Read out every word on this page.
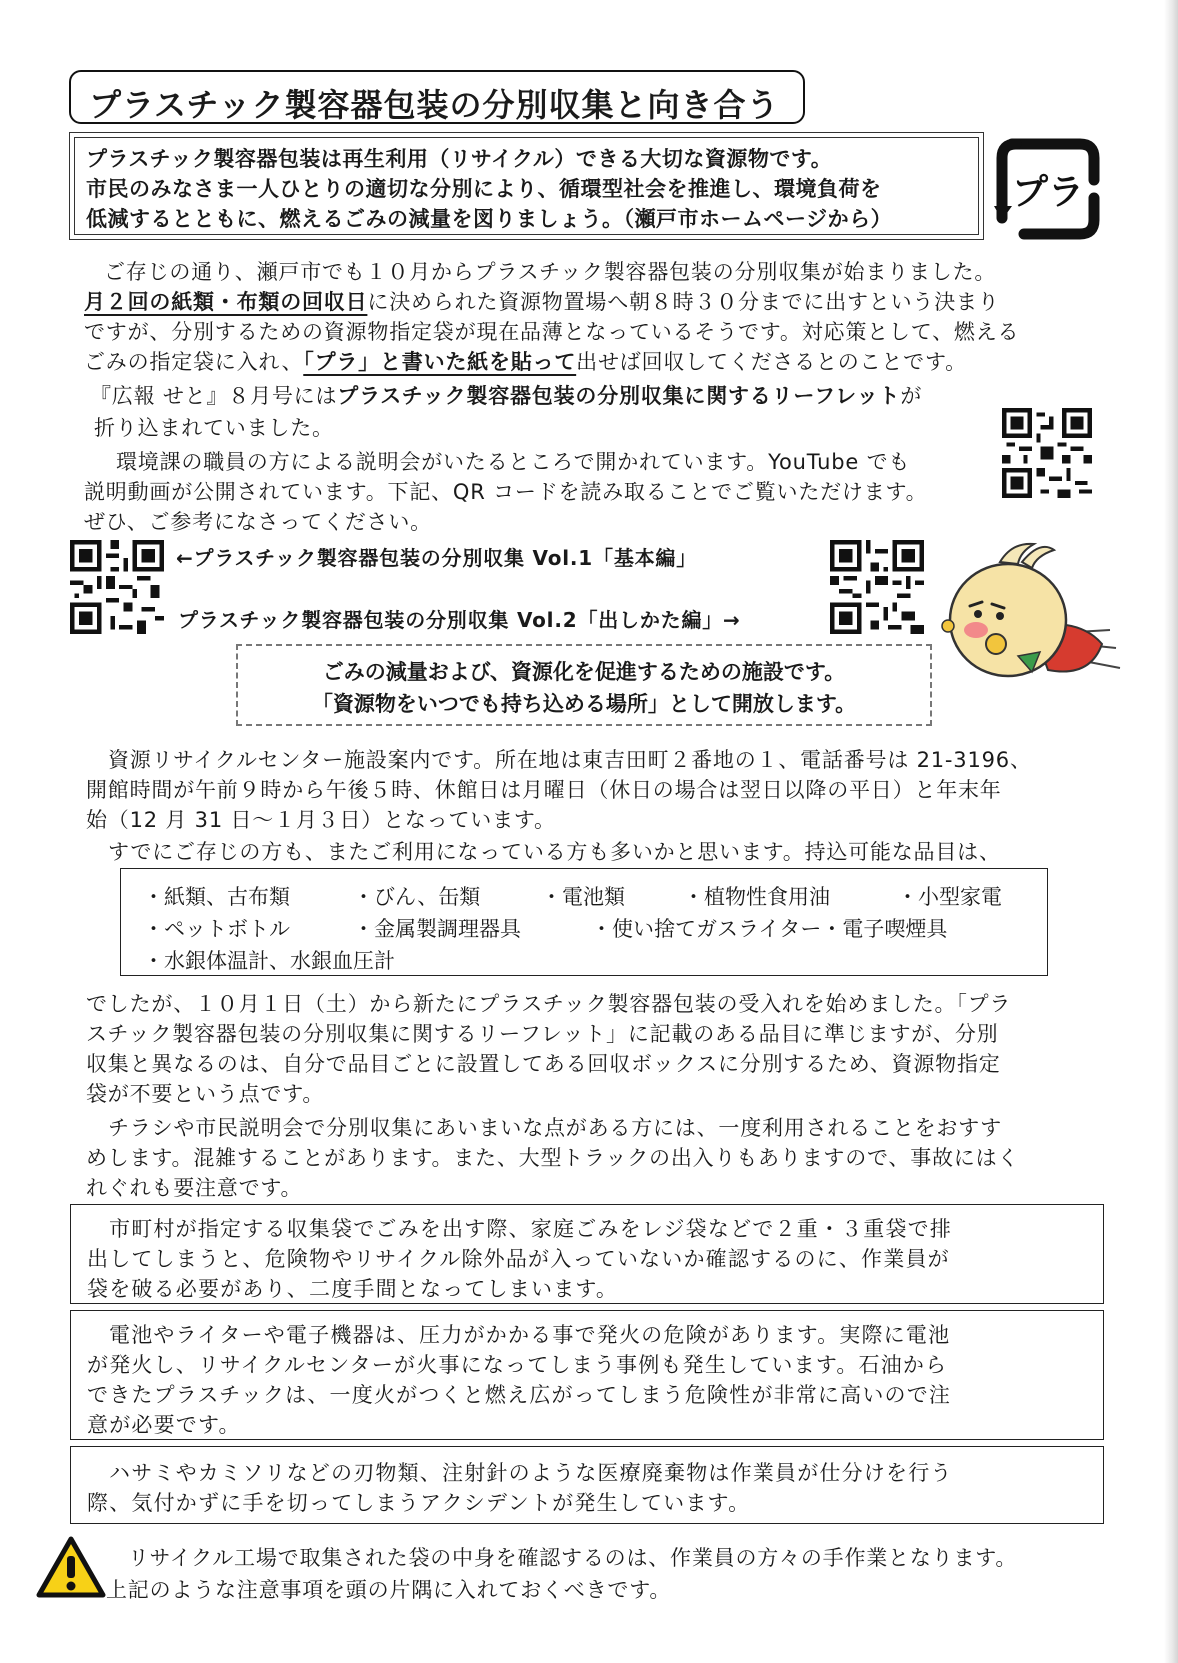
プラスチック製容器包装の分別収集と向き合う
プラスチック製容器包装は再生利用（リサイクル）できる大切な資源物です。
市民のみなさま一人ひとりの適切な分別により、循環型社会を推進し、環境負荷を
低減するとともに、燃えるごみの減量を図りましょう。（瀬戸市ホームページから）
プラ
ご存じの通り、瀬戸市でも１０月からプラスチック製容器包装の分別収集が始まりました。
月２回の紙類・布類の回収日に決められた資源物置場へ朝８時３０分までに出すという決まり
ですが、分別するための資源物指定袋が現在品薄となっているそうです。対応策として、燃える
ごみの指定袋に入れ、「プラ」と書いた紙を貼って出せば回収してくださるとのことです。
『広報 せと』８月号にはプラスチック製容器包装の分別収集に関するリーフレットが
折り込まれていました。
環境課の職員の方による説明会がいたるところで開かれています。YouTube でも
説明動画が公開されています。下記、QR コードを読み取ることでご覧いただけます。
ぜひ、ご参考になさってください。
←プラスチック製容器包装の分別収集 Vol.1「基本編」
プラスチック製容器包装の分別収集 Vol.2「出しかた編」→
ごみの減量および、資源化を促進するための施設です。
「資源物をいつでも持ち込める場所」として開放します。
資源リサイクルセンター施設案内です。所在地は東吉田町２番地の１、電話番号は 21-3196、
開館時間が午前９時から午後５時、休館日は月曜日（休日の場合は翌日以降の平日）と年末年
始（12 月 31 日～１月３日）となっています。
すでにご存じの方も、またご利用になっている方も多いかと思います。持込可能な品目は、
・紙類、古布類	・びん、缶類	・電池類	・植物性食用油	・小型家電
・ペットボトル	・金属製調理器具	・使い捨てガスライター・電子喫煙具
・水銀体温計、水銀血圧計
でしたが、１０月１日（土）から新たにプラスチック製容器包装の受入れを始めました。「プラ
スチック製容器包装の分別収集に関するリーフレット」に記載のある品目に準じますが、分別
収集と異なるのは、自分で品目ごとに設置してある回収ボックスに分別するため、資源物指定
袋が不要という点です。
チラシや市民説明会で分別収集にあいまいな点がある方には、一度利用されることをおすす
めします。混雑することがあります。また、大型トラックの出入りもありますので、事故にはく
れぐれも要注意です。
市町村が指定する収集袋でごみを出す際、家庭ごみをレジ袋などで２重・３重袋で排
出してしまうと、危険物やリサイクル除外品が入っていないか確認するのに、作業員が
袋を破る必要があり、二度手間となってしまいます。
電池やライターや電子機器は、圧力がかかる事で発火の危険があります。実際に電池
が発火し、リサイクルセンターが火事になってしまう事例も発生しています。石油から
できたプラスチックは、一度火がつくと燃え広がってしまう危険性が非常に高いので注
意が必要です。
ハサミやカミソリなどの刃物類、注射針のような医療廃棄物は作業員が仕分けを行う
際、気付かずに手を切ってしまうアクシデントが発生しています。
リサイクル工場で取集された袋の中身を確認するのは、作業員の方々の手作業となります。
上記のような注意事項を頭の片隅に入れておくべきです。
